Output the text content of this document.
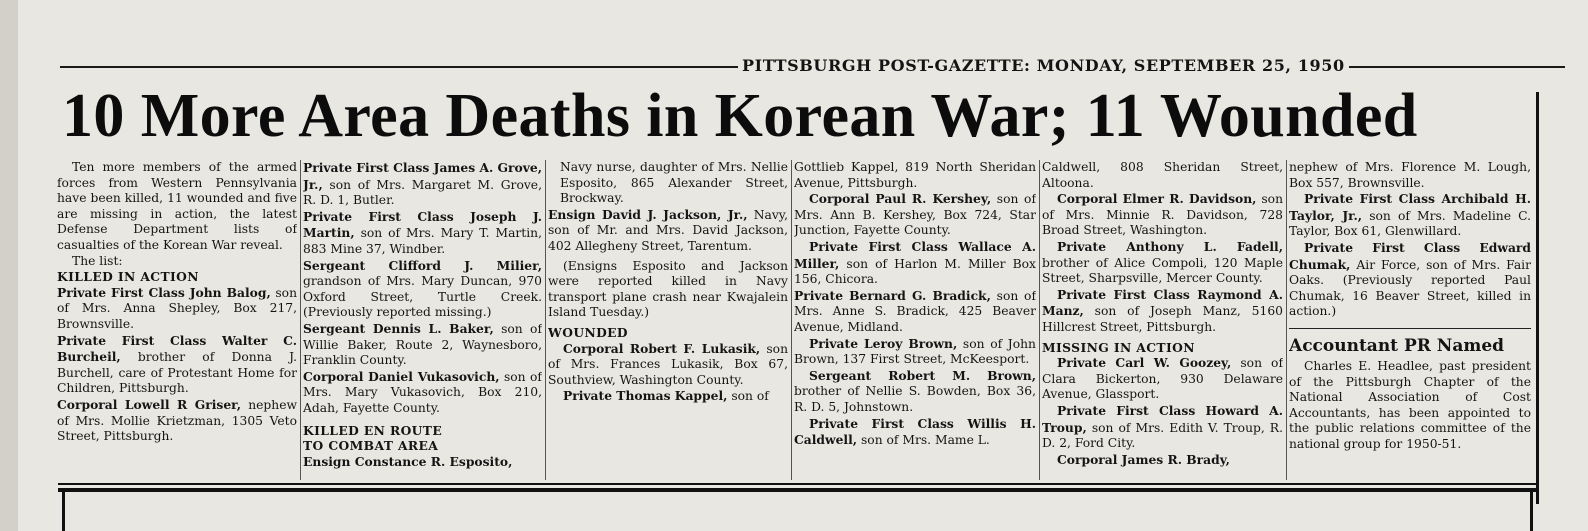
PITTSBURGH POST-GAZETTE: MONDAY, SEPTEMBER 25, 1950
10 More Area Deaths in Korean War; 11 Wounded

Ten more members of the armed forces from Western Pennsylvania have been killed, 11 wounded and five are missing in action, the latest Defense Department lists of casualties of the Korean War reveal.

The list:

KILLED IN ACTION

Private First Class John Balog, son of Mrs. Anna Shepley, Box 217, Brownsville.

Private First Class Walter C. Burcheil, brother of Donna J. Burchell, care of Protestant Home for Children, Pittsburgh.

Corporal Lowell R Griser, nephew of Mrs. Mollie Krietzman, 1305 Veto Street, Pittsburgh.

Private First Class James A. Grove, Jr., son of Mrs. Margaret M. Grove, R. D. 1, Butler.

Private First Class Joseph J. Martin, son of Mrs. Mary T. Martin, 883 Mine 37, Windber.

Sergeant Clifford J. Milier, grandson of Mrs. Mary Duncan, 970 Oxford Street, Turtle Creek. (Previously reported missing.)

Sergeant Dennis L. Baker, son of Willie Baker, Route 2, Waynesboro, Franklin County.

Corporal Daniel Vukasovich, son of Mrs. Mary Vukasovich, Box 210, Adah, Fayette County.

KILLED EN ROUTE

TO COMBAT AREA

Ensign Constance R. Esposito,

Navy nurse, daughter of Mrs. Nellie Esposito, 865 Alexander Street, Brockway.

Ensign David J. Jackson, Jr., Navy, son of Mr. and Mrs. David Jackson, 402 Allegheny Street, Tarentum.

(Ensigns Esposito and Jackson were reported killed in Navy transport plane crash near Kwajalein Island Tuesday.)

WOUNDED

Corporal Robert F. Lukasik, son of Mrs. Frances Lukasik, Box 67, Southview, Washington County.

Private Thomas Kappel, son of

Gottlieb Kappel, 819 North Sheridan Avenue, Pittsburgh.

Corporal Paul R. Kershey, son of Mrs. Ann B. Kershey, Box 724, Star Junction, Fayette County.

Private First Class Wallace A. Miller, son of Harlon M. Miller Box 156, Chicora.

Private Bernard G. Bradick, son of Mrs. Anne S. Bradick, 425 Beaver Avenue, Midland.

Private Leroy Brown, son of John Brown, 137 First Street, McKeesport.

Sergeant Robert M. Brown, brother of Nellie S. Bowden, Box 36, R. D. 5, Johnstown.

Private First Class Willis H. Caldwell, son of Mrs. Mame L.

Caldwell, 808 Sheridan Street, Altoona.

Corporal Elmer R. Davidson, son of Mrs. Minnie R. Davidson, 728 Broad Street, Washington.

Private Anthony L. Fadell, brother of Alice Compoli, 120 Maple Street, Sharpsville, Mercer County.

Private First Class Raymond A. Manz, son of Joseph Manz, 5160 Hillcrest Street, Pittsburgh.

MISSING IN ACTION

Private Carl W. Goozey, son of Clara Bickerton, 930 Delaware Avenue, Glassport.

Private First Class Howard A. Troup, son of Mrs. Edith V. Troup, R. D. 2, Ford City.

Corporal James R. Brady,

nephew of Mrs. Florence M. Lough, Box 557, Brownsville.

Private First Class Archibald H. Taylor, Jr., son of Mrs. Madeline C. Taylor, Box 61, Glenwillard.

Private First Class Edward Chumak, Air Force, son of Mrs. Fair Oaks. (Previously reported Paul Chumak, 16 Beaver Street, killed in action.)

Accountant PR Named

Charles E. Headlee, past president of the Pittsburgh Chapter of the National Association of Cost Accountants, has been appointed to the public relations committee of the national group for 1950-51.
